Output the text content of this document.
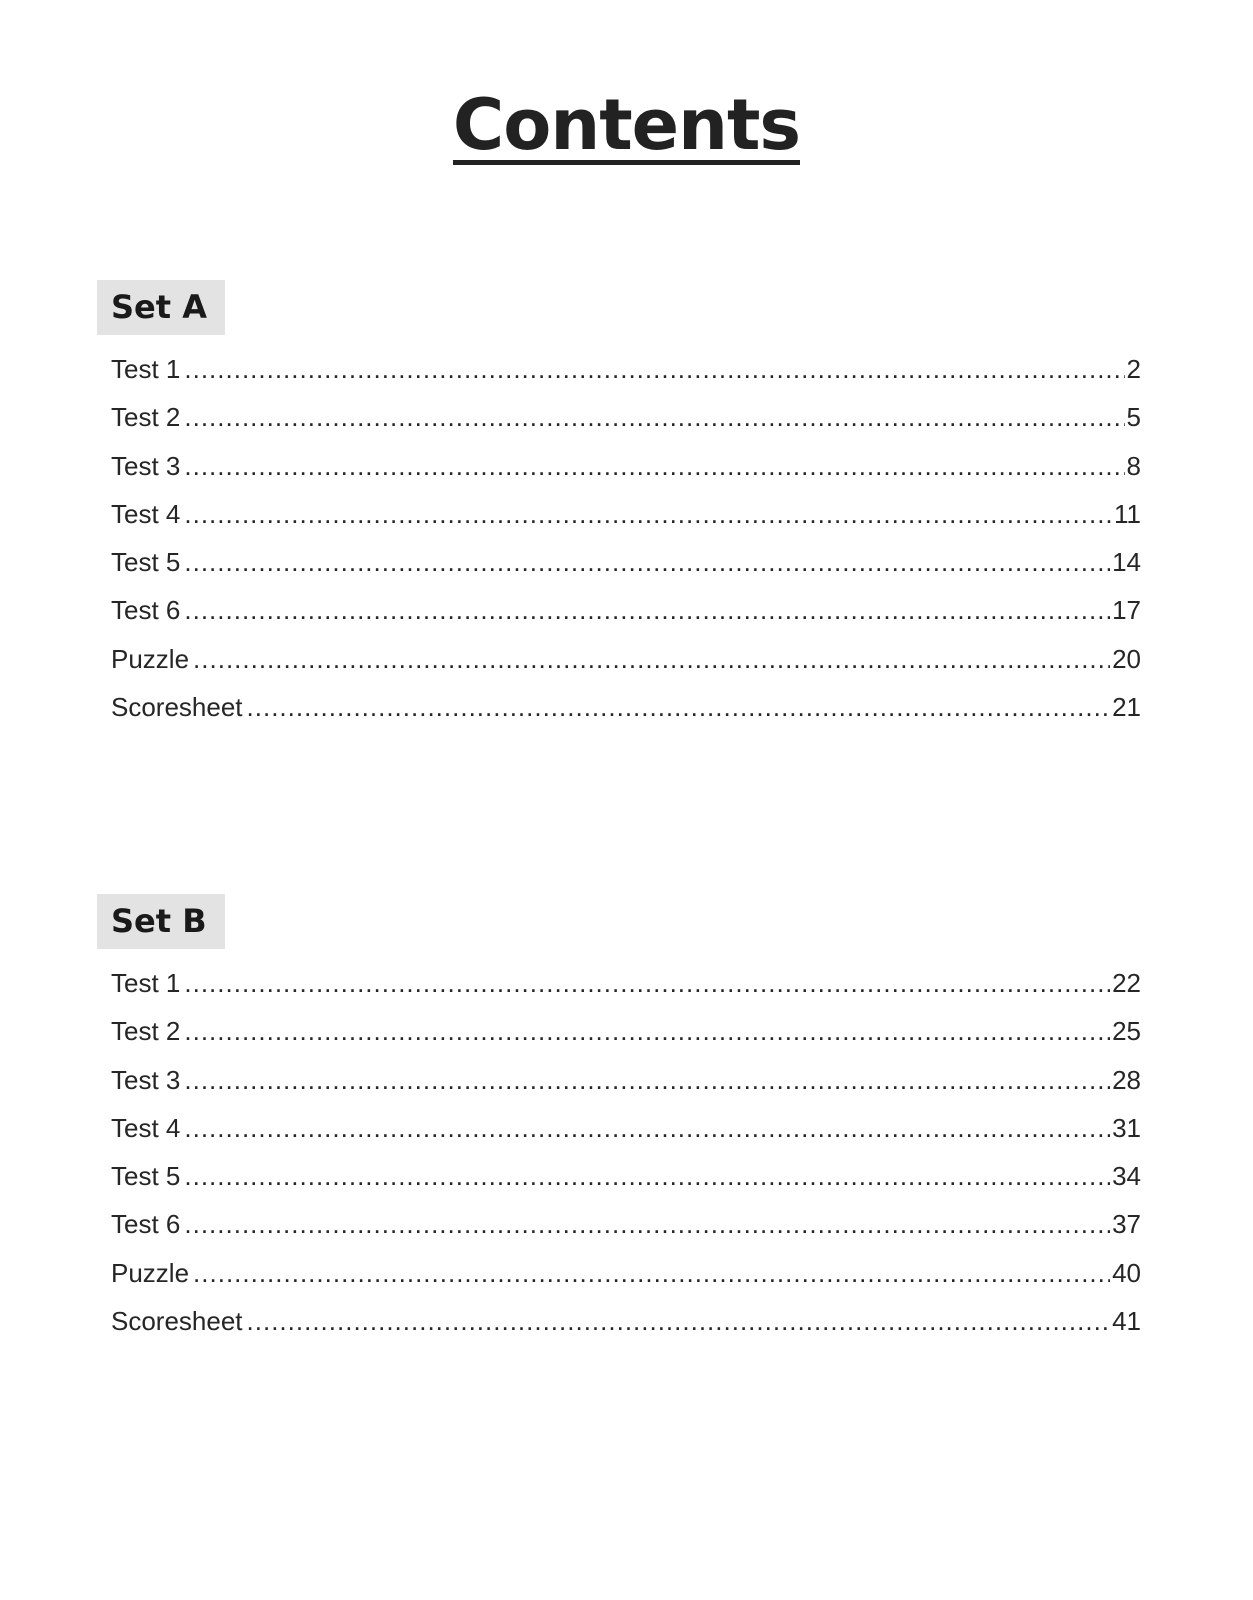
Contents
Set A
Test 1 .....	2
Test 2 .....	5
Test 3 .....	8
Test 4 .....	11
Test 5 .....	14
Test 6 .....	17
Puzzle .....	20
Scoresheet .....	21
Set B
Test 1 .....	22
Test 2 .....	25
Test 3 .....	28
Test 4 .....	31
Test 5 .....	34
Test 6 .....	37
Puzzle .....	40
Scoresheet .....	41
